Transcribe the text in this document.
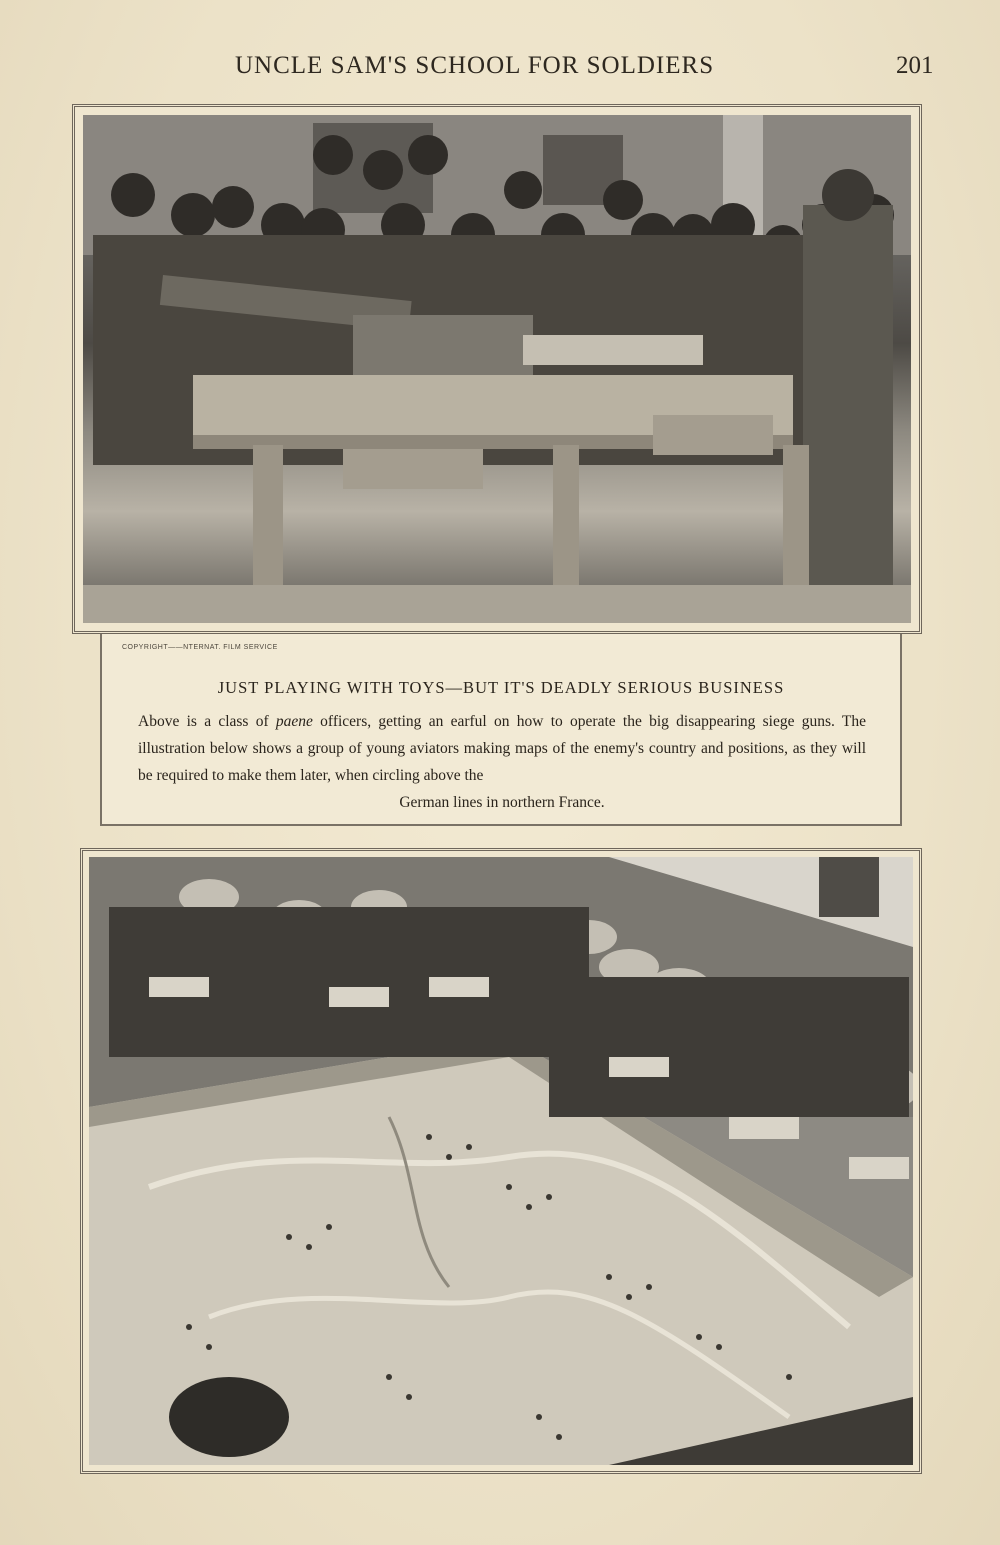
UNCLE SAM'S SCHOOL FOR SOLDIERS	201
COPYRIGHT——NTERNAT. FILM SERVICE
JUST PLAYING WITH TOYS—BUT IT'S DEADLY SERIOUS BUSINESS
Above is a class of paene officers, getting an earful on how to operate the big disappearing siege guns. The illustration below shows a group of young aviators making maps of the enemy's country and positions, as they will be required to make them later, when circling above the
German lines in northern France.
